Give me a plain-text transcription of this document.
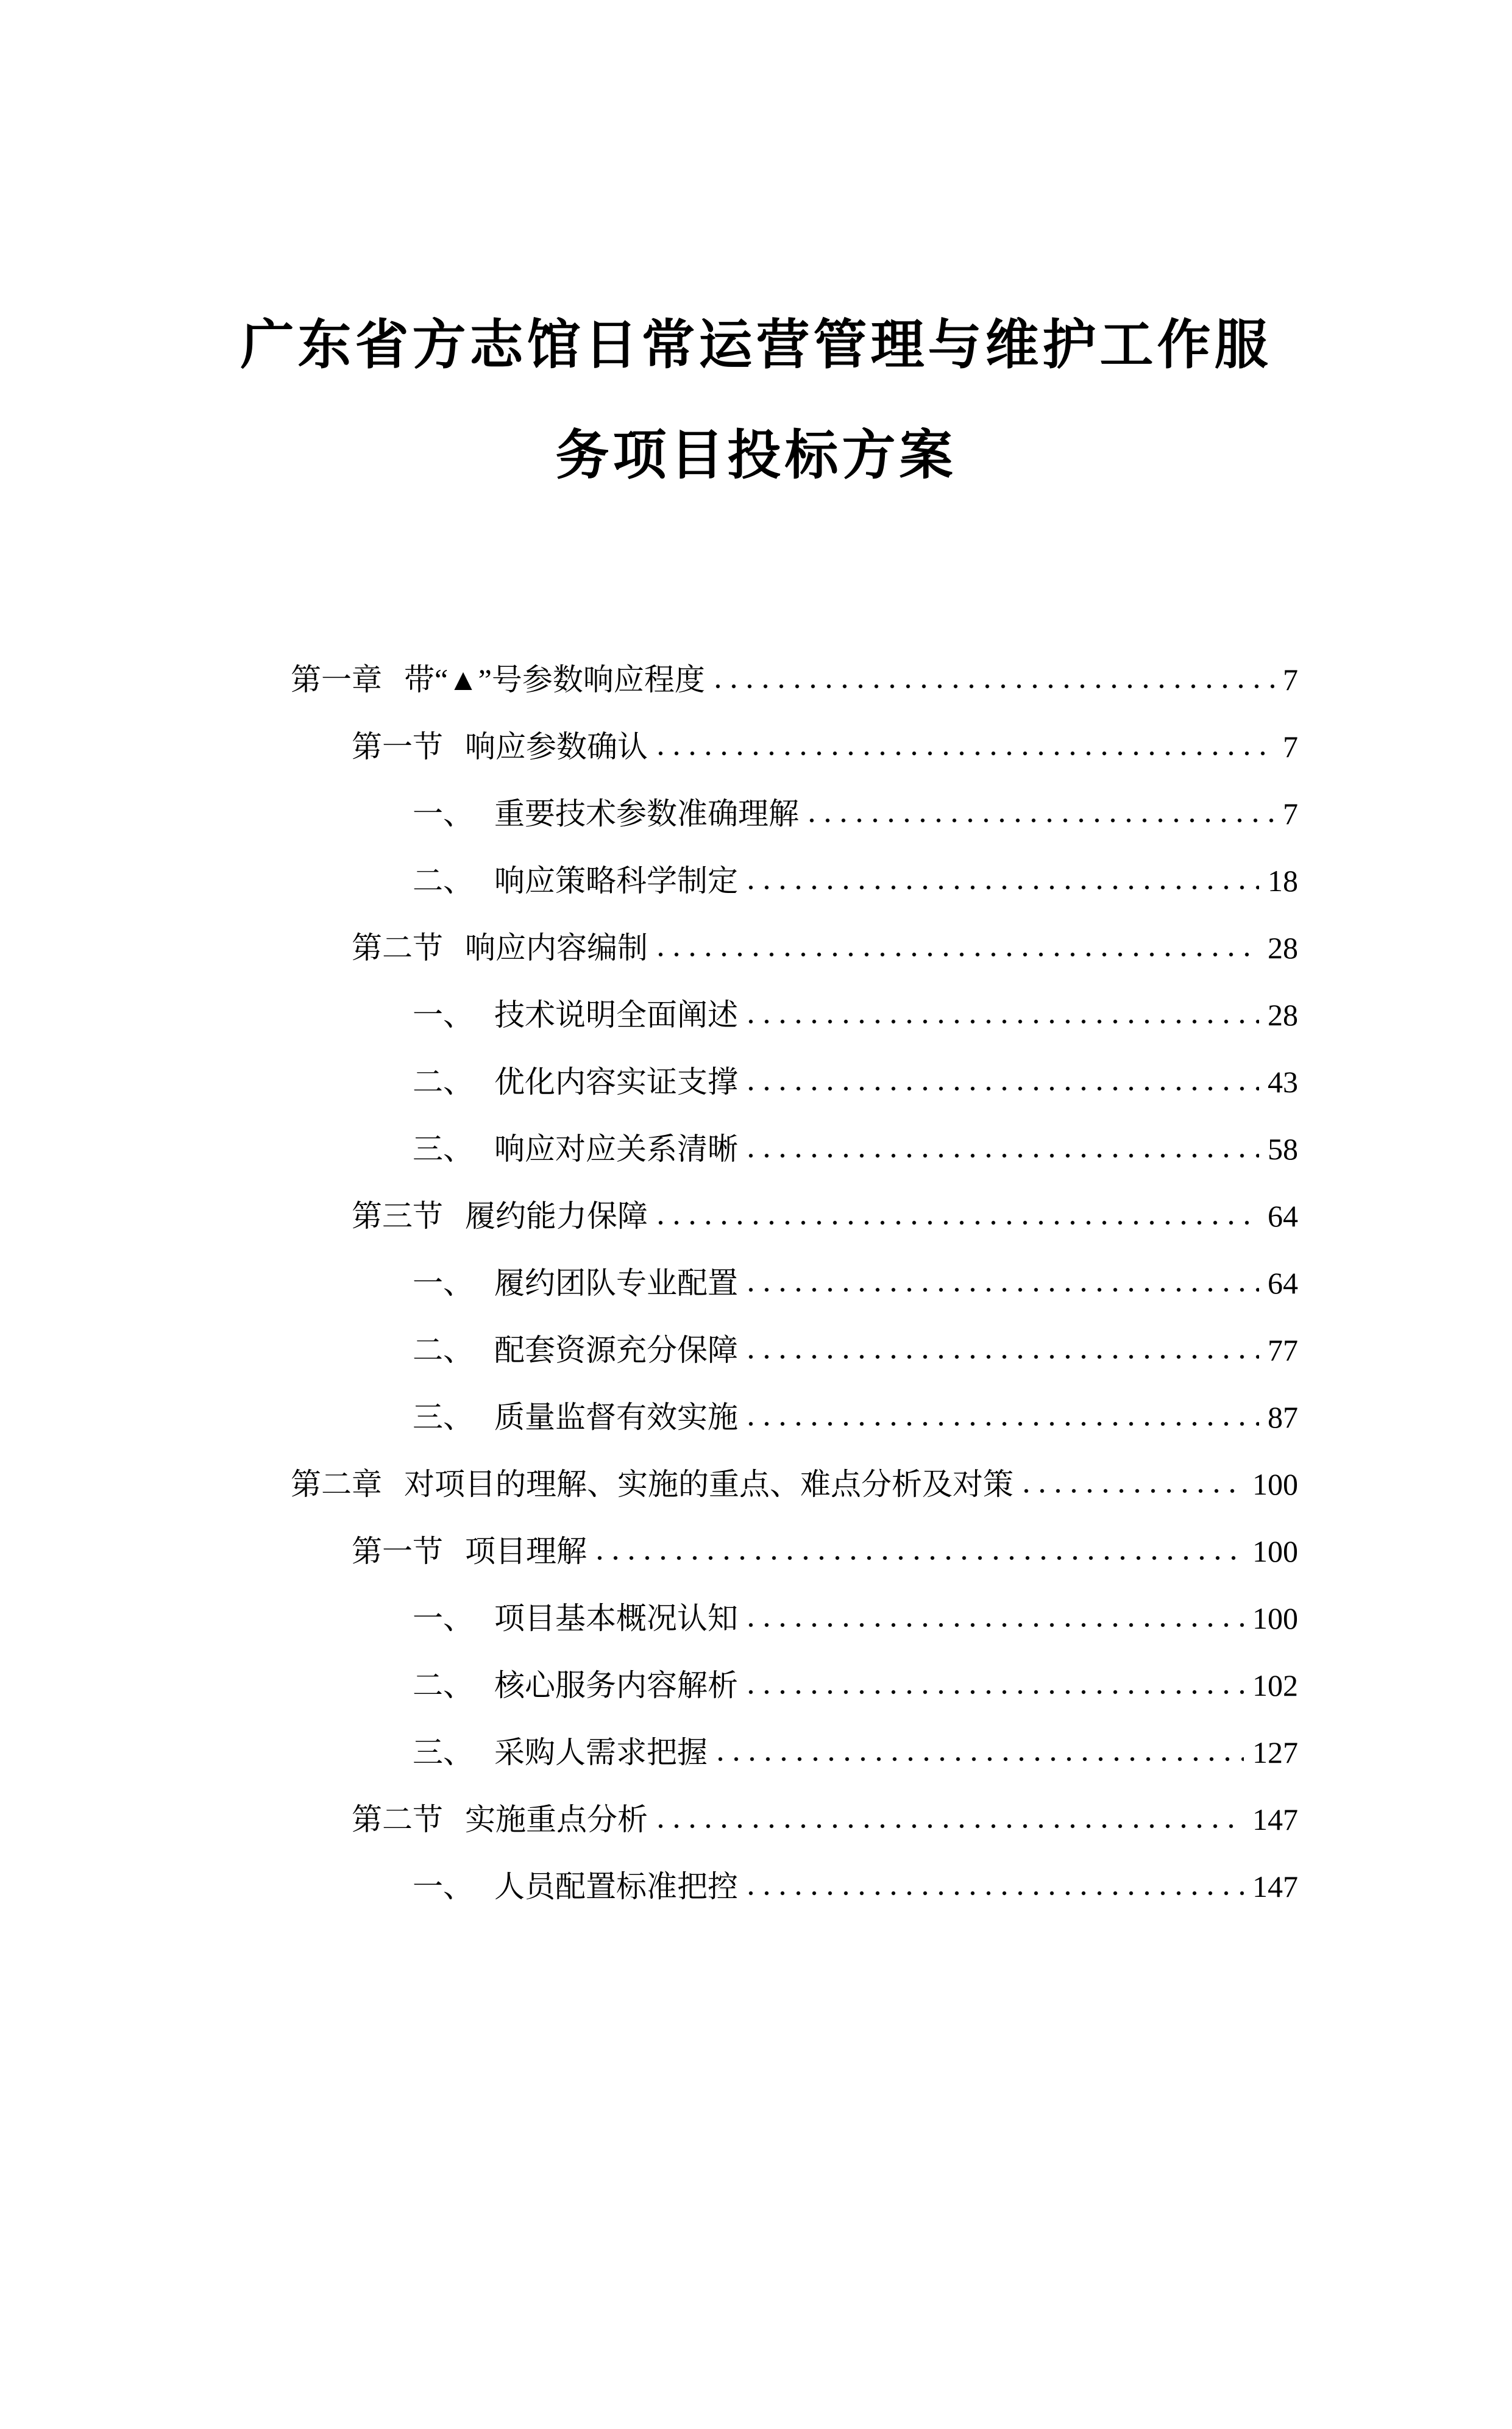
广东省方志馆日常运营管理与维护工作服
务项目投标方案
第一章 带“▲”号参数响应程度	7
第一节 响应参数确认	7
一、 重要技术参数准确理解	7
二、 响应策略科学制定	18
第二节 响应内容编制	28
一、 技术说明全面阐述	28
二、 优化内容实证支撑	43
三、 响应对应关系清晰	58
第三节 履约能力保障	64
一、 履约团队专业配置	64
二、 配套资源充分保障	77
三、 质量监督有效实施	87
第二章 对项目的理解、实施的重点、难点分析及对策	100
第一节 项目理解	100
一、 项目基本概况认知	100
二、 核心服务内容解析	102
三、 采购人需求把握	127
第二节 实施重点分析	147
一、 人员配置标准把控	147
